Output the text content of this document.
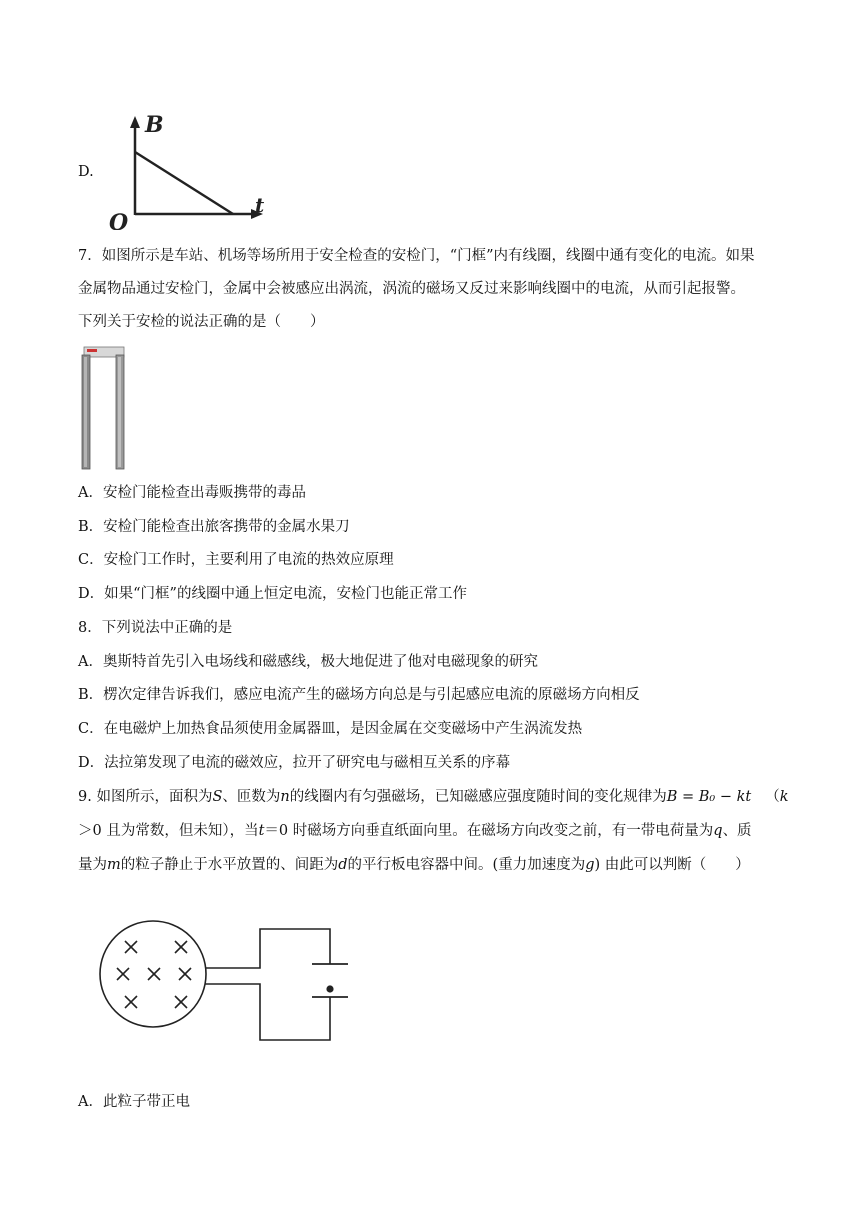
D.
B
t
O
7．如图所示是车站、机场等场所用于安全检查的安检门，“门框”内有线圈，线圈中通有变化的电流。如果
金属物品通过安检门，金属中会被感应出涡流，涡流的磁场又反过来影响线圈中的电流，从而引起报警。
下列关于安检的说法正确的是（　　）
A．安检门能检查出毒贩携带的毒品
B．安检门能检查出旅客携带的金属水果刀
C．安检门工作时，主要利用了电流的热效应原理
D．如果“门框”的线圈中通上恒定电流，安检门也能正常工作
8．下列说法中正确的是
A．奥斯特首先引入电场线和磁感线，极大地促进了他对电磁现象的研究
B．楞次定律告诉我们，感应电流产生的磁场方向总是与引起感应电流的原磁场方向相反
C．在电磁炉上加热食品须使用金属器皿，是因金属在交变磁场中产生涡流发热
D．法拉第发现了电流的磁效应，拉开了研究电与磁相互关系的序幕
9. 如图所示，面积为S、匝数为n的线圈内有匀强磁场，已知磁感应强度随时间的变化规律为B = B₀ − kt （k
＞0 且为常数，但未知），当t＝0 时磁场方向垂直纸面向里。在磁场方向改变之前，有一带电荷量为q、质
量为m的粒子静止于水平放置的、间距为d的平行板电容器中间。(重力加速度为g) 由此可以判断（　　）
A．此粒子带正电
